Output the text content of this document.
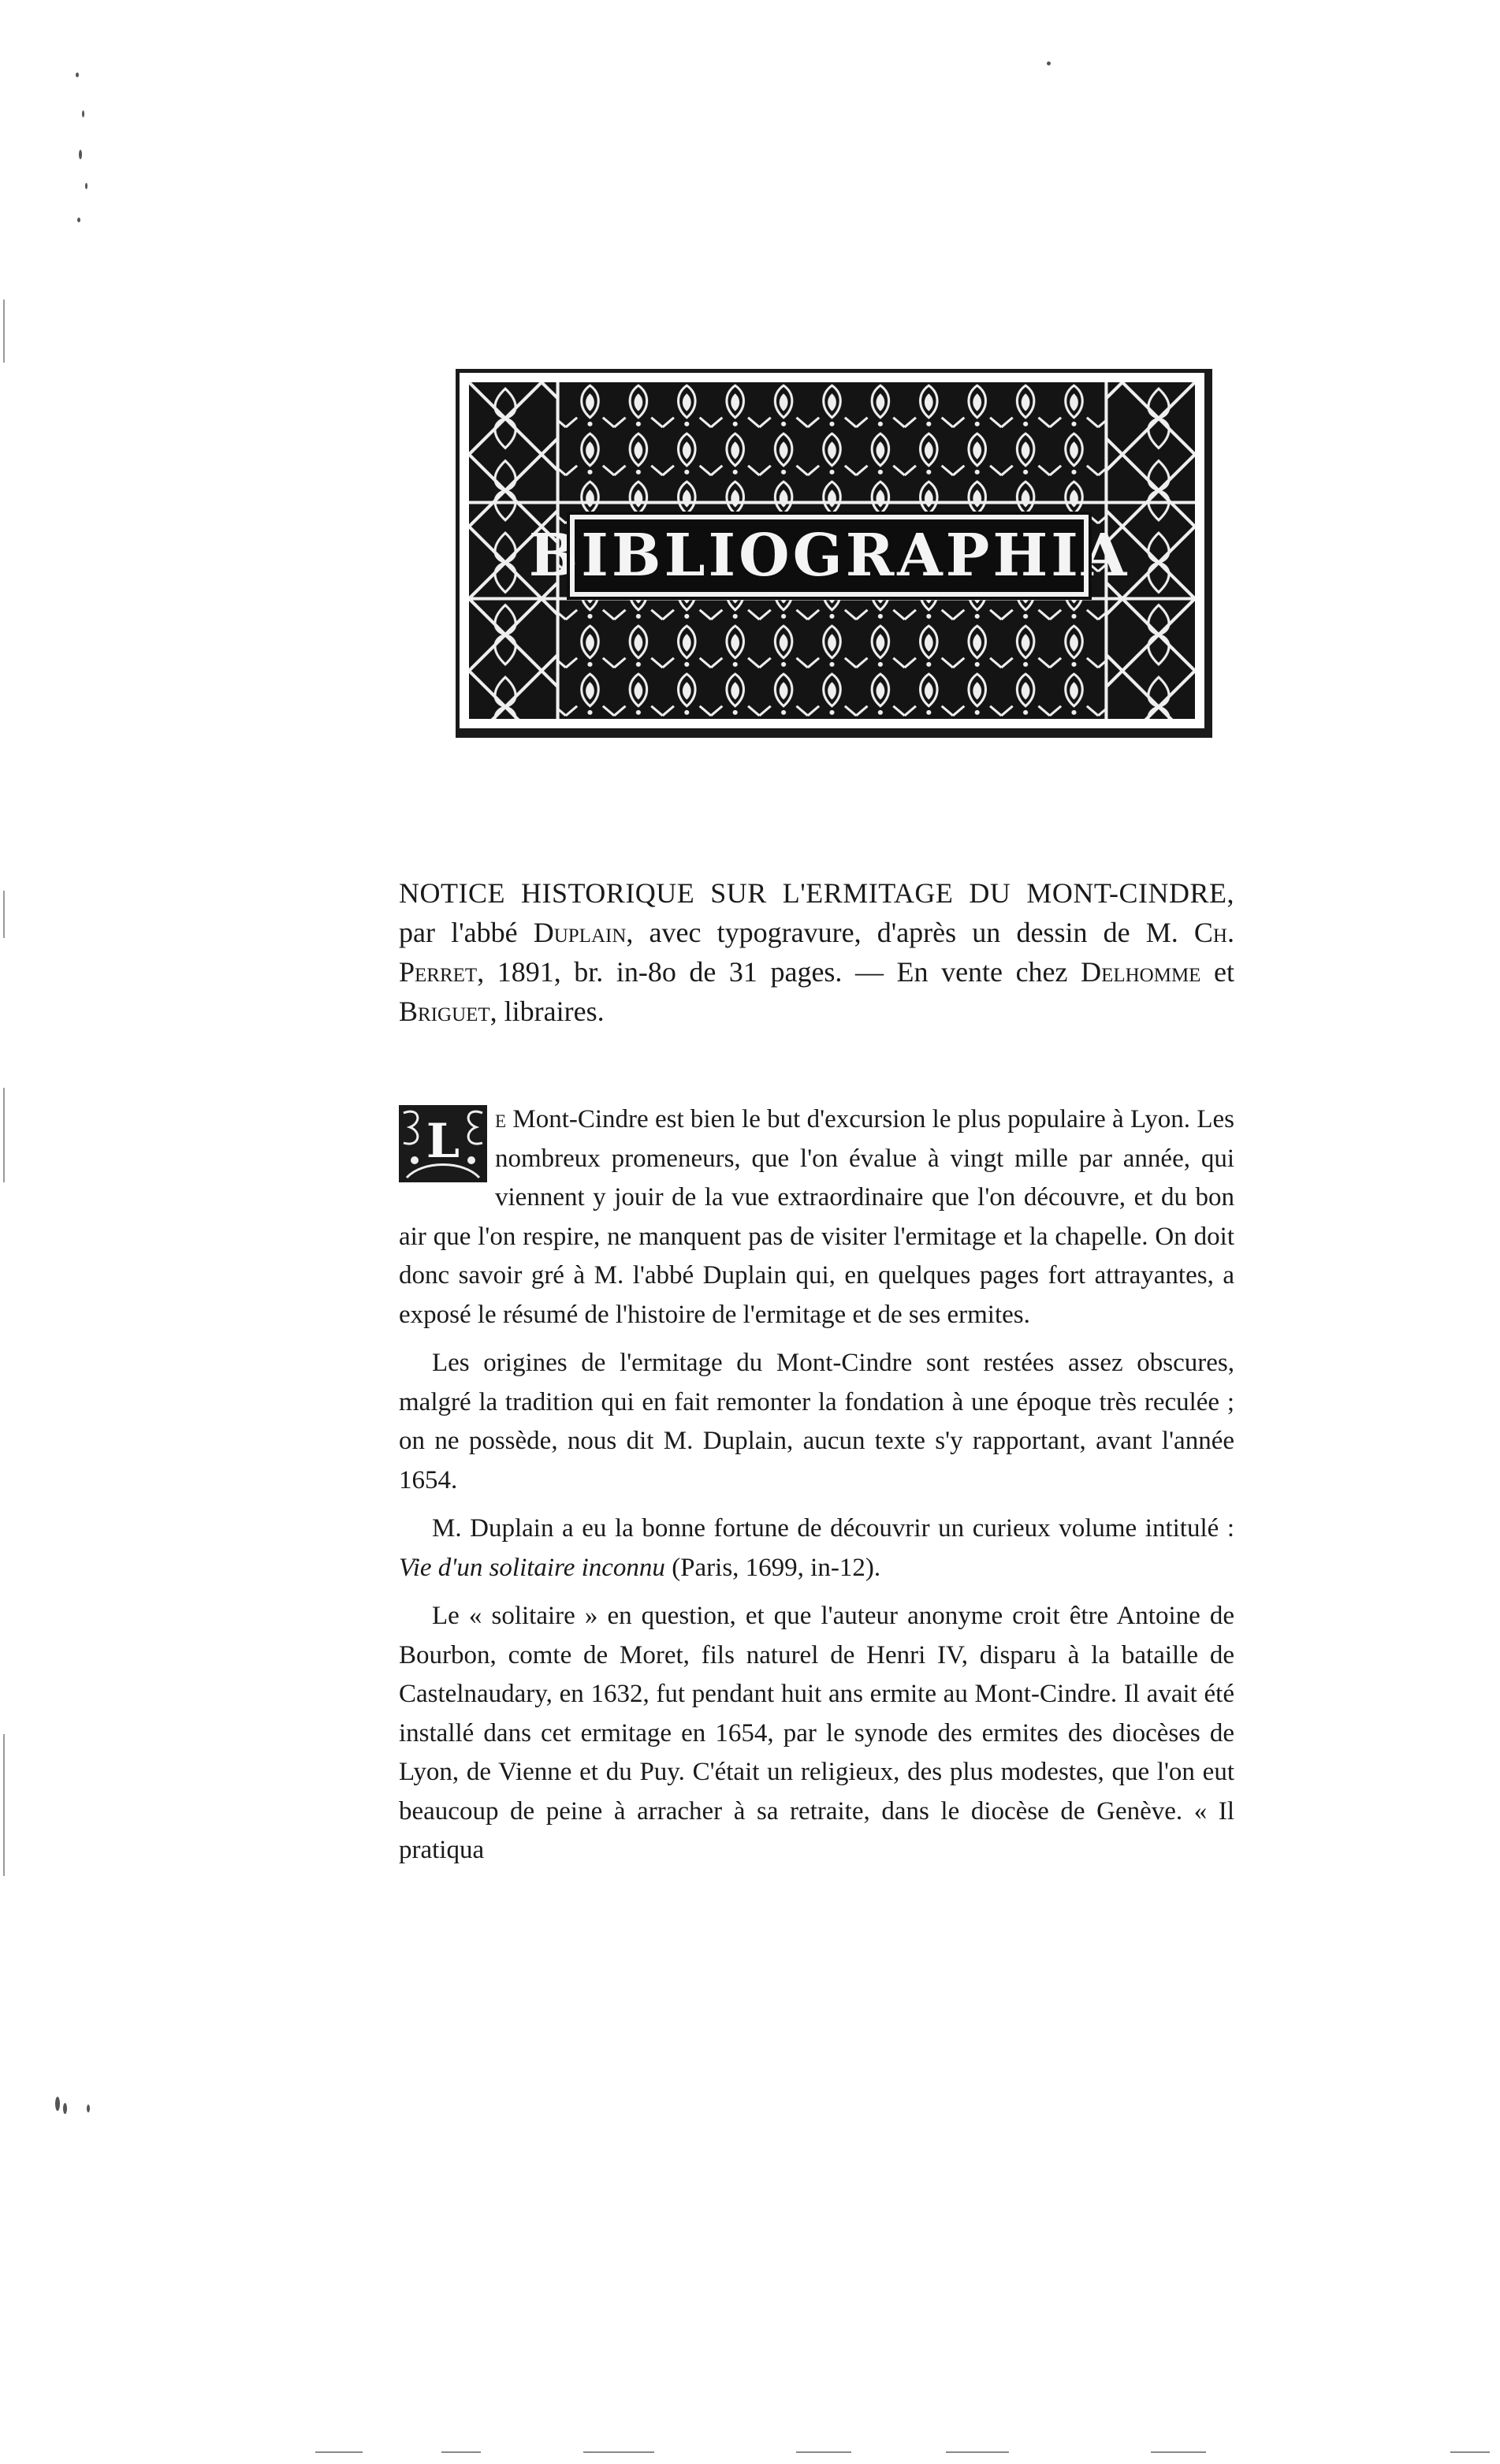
BIBLIOGRAPHIA
NOTICE HISTORIQUE SUR L'ERMITAGE DU MONT-CINDRE, par l'abbé Duplain, avec typogravure, d'après un dessin de M. Ch. Perret, 1891, br. in-8o de 31 pages. — En vente chez Delhomme et Briguet, libraires.

L e Mont-Cindre est bien le but d'excursion le plus populaire à Lyon. Les nombreux promeneurs, que l'on évalue à vingt mille par année, qui viennent y jouir de la vue extraordinaire que l'on découvre, et du bon air que l'on respire, ne manquent pas de visiter l'ermitage et la chapelle. On doit donc savoir gré à M. l'abbé Duplain qui, en quelques pages fort attrayantes, a exposé le résumé de l'histoire de l'ermitage et de ses ermites.

Les origines de l'ermitage du Mont-Cindre sont restées assez obscures, malgré la tradition qui en fait remonter la fondation à une époque très reculée ; on ne possède, nous dit M. Duplain, aucun texte s'y rapportant, avant l'année 1654.

M. Duplain a eu la bonne fortune de découvrir un curieux volume intitulé : Vie d'un solitaire inconnu (Paris, 1699, in-12).

Le « solitaire » en question, et que l'auteur anonyme croit être Antoine de Bourbon, comte de Moret, fils naturel de Henri IV, disparu à la bataille de Castelnaudary, en 1632, fut pendant huit ans ermite au Mont-Cindre. Il avait été installé dans cet ermitage en 1654, par le synode des ermites des diocèses de Lyon, de Vienne et du Puy. C'était un religieux, des plus modestes, que l'on eut beaucoup de peine à arracher à sa retraite, dans le diocèse de Genève. « Il pratiqua
